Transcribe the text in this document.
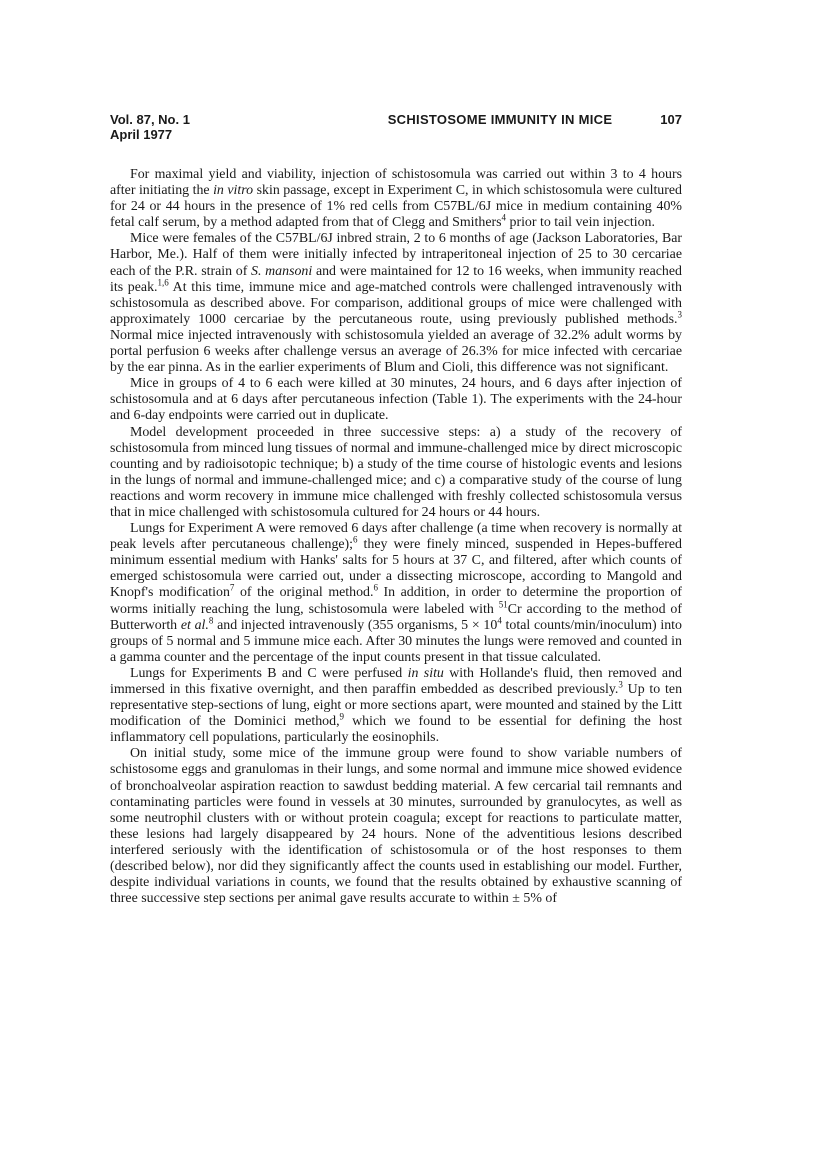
Vol. 87, No. 1
April 1977
SCHISTOSOME IMMUNITY IN MICE	107

For maximal yield and viability, injection of schistosomula was carried out within 3 to 4 hours after initiating the in vitro skin passage, except in Experiment C, in which schistosomula were cultured for 24 or 44 hours in the presence of 1% red cells from C57BL/6J mice in medium containing 40% fetal calf serum, by a method adapted from that of Clegg and Smithers$^4$ prior to tail vein injection.

Mice were females of the C57BL/6J inbred strain, 2 to 6 months of age (Jackson Laboratories, Bar Harbor, Me.). Half of them were initially infected by intraperitoneal injection of 25 to 30 cercariae each of the P.R. strain of S. mansoni and were maintained for 12 to 16 weeks, when immunity reached its peak.$^{1,6}$ At this time, immune mice and age-matched controls were challenged intravenously with schistosomula as described above. For comparison, additional groups of mice were challenged with approximately 1000 cercariae by the percutaneous route, using previously published methods.$^3$ Normal mice injected intravenously with schistosomula yielded an average of 32.2% adult worms by portal perfusion 6 weeks after challenge versus an average of 26.3% for mice infected with cercariae by the ear pinna. As in the earlier experiments of Blum and Cioli, this difference was not significant.

Mice in groups of 4 to 6 each were killed at 30 minutes, 24 hours, and 6 days after injection of schistosomula and at 6 days after percutaneous infection (Table 1). The experiments with the 24-hour and 6-day endpoints were carried out in duplicate.

Model development proceeded in three successive steps: a) a study of the recovery of schistosomula from minced lung tissues of normal and immune-challenged mice by direct microscopic counting and by radioisotopic technique; b) a study of the time course of histologic events and lesions in the lungs of normal and immune-challenged mice; and c) a comparative study of the course of lung reactions and worm recovery in immune mice challenged with freshly collected schistosomula versus that in mice challenged with schistosomula cultured for 24 hours or 44 hours.

Lungs for Experiment A were removed 6 days after challenge (a time when recovery is normally at peak levels after percutaneous challenge);$^6$ they were finely minced, suspended in Hepes-buffered minimum essential medium with Hanks' salts for 5 hours at 37 C, and filtered, after which counts of emerged schistosomula were carried out, under a dissecting microscope, according to Mangold and Knopf's modification$^7$ of the original method.$^6$ In addition, in order to determine the proportion of worms initially reaching the lung, schistosomula were labeled with $^{51}$Cr according to the method of Butterworth et al.$^8$ and injected intravenously (355 organisms, $5 \times 10^4$ total counts/min/inoculum) into groups of 5 normal and 5 immune mice each. After 30 minutes the lungs were removed and counted in a gamma counter and the percentage of the input counts present in that tissue calculated.

Lungs for Experiments B and C were perfused in situ with Hollande's fluid, then removed and immersed in this fixative overnight, and then paraffin embedded as described previously.$^3$ Up to ten representative step-sections of lung, eight or more sections apart, were mounted and stained by the Litt modification of the Dominici method,$^9$ which we found to be essential for defining the host inflammatory cell populations, particularly the eosinophils.

On initial study, some mice of the immune group were found to show variable numbers of schistosome eggs and granulomas in their lungs, and some normal and immune mice showed evidence of bronchoalveolar aspiration reaction to sawdust bedding material. A few cercarial tail remnants and contaminating particles were found in vessels at 30 minutes, surrounded by granulocytes, as well as some neutrophil clusters with or without protein coagula; except for reactions to particulate matter, these lesions had largely disappeared by 24 hours. None of the adventitious lesions described interfered seriously with the identification of schistosomula or of the host responses to them (described below), nor did they significantly affect the counts used in establishing our model. Further, despite individual variations in counts, we found that the results obtained by exhaustive scanning of three successive step sections per animal gave results accurate to within ± 5% of
